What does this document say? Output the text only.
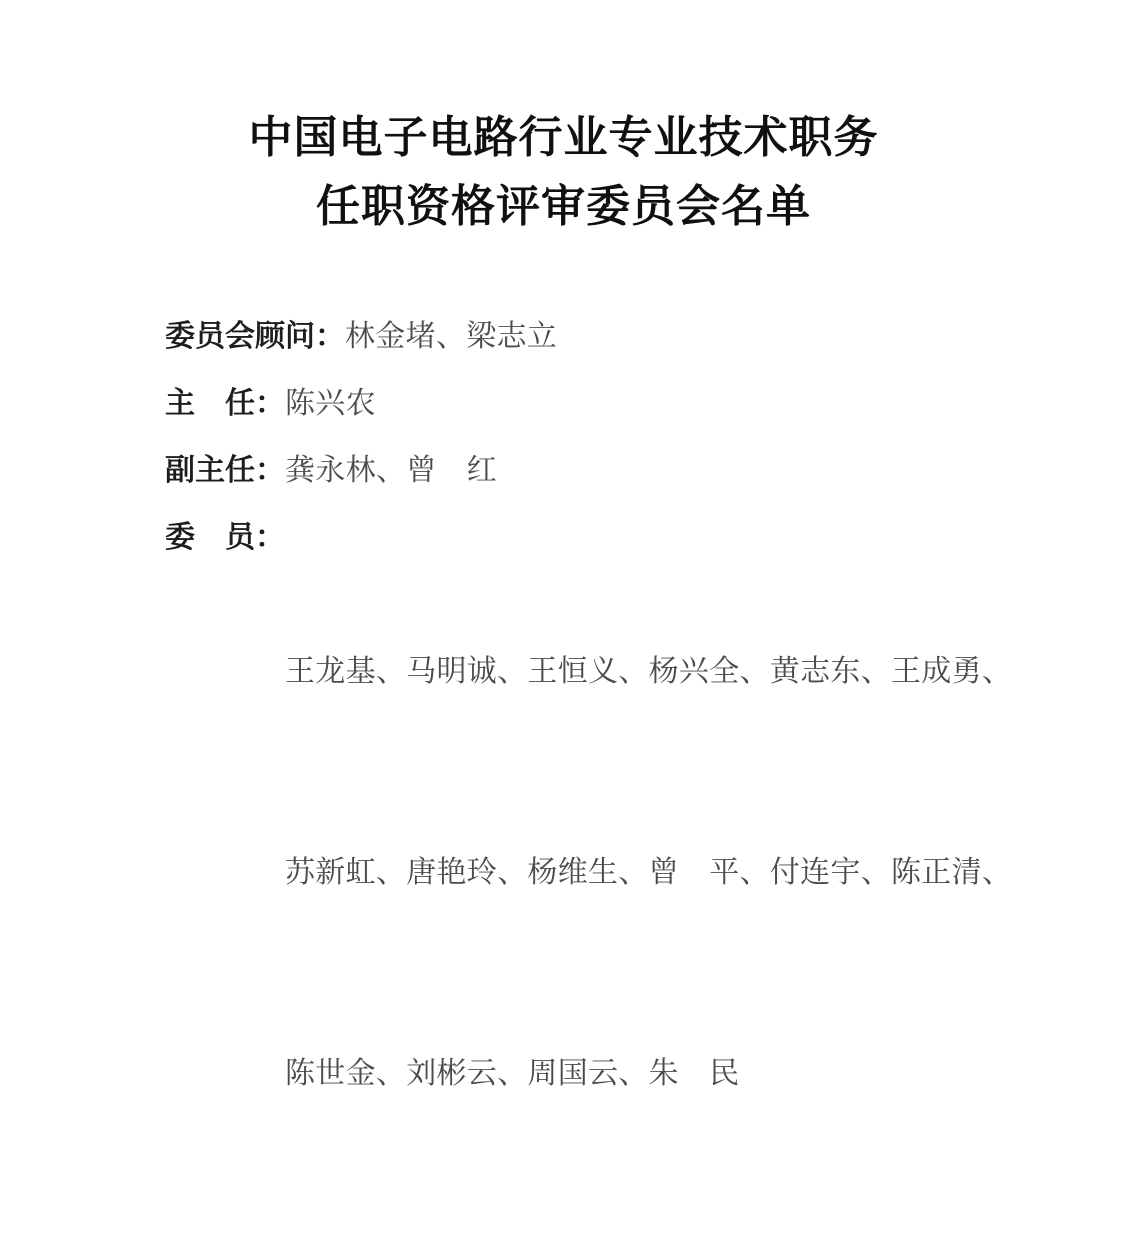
中国电子电路行业专业技术职务
任职资格评审委员会名单
委员会顾问： 林金堵、梁志立
主　任： 陈兴农
副主任： 龚永林、曾　红
委　员：

王龙基、马明诚、王恒义、杨兴全、黄志东、王成勇、

苏新虹、唐艳玲、杨维生、曾　平、付连宇、陈正清、

陈世金、刘彬云、周国云、朱　民
